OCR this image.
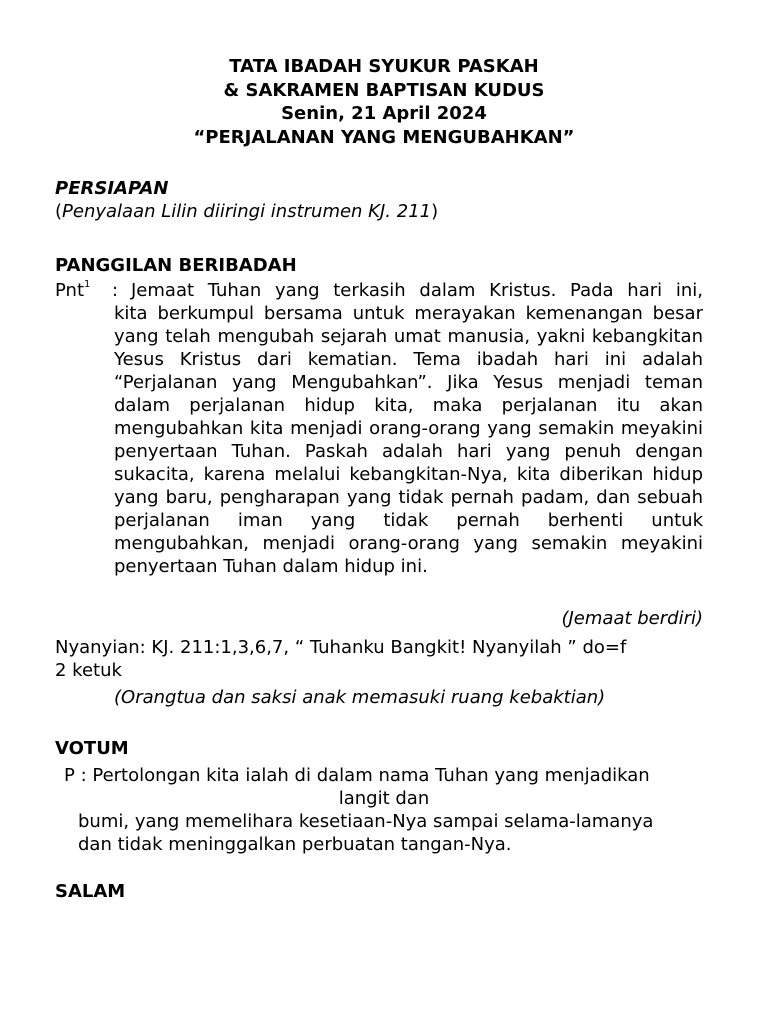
TATA IBADAH SYUKUR PASKAH
& SAKRAMEN BAPTISAN KUDUS
Senin, 21 April 2024
“PERJALANAN YANG MENGUBAHKAN”
PERSIAPAN
(Penyalaan Lilin diiringi instrumen KJ. 211)
PANGGILAN BERIBADAH
Pnt$^1$ : Jemaat Tuhan yang terkasih dalam Kristus. Pada hari ini,
kita berkumpul bersama untuk merayakan kemenangan besar yang telah mengubah sejarah umat manusia, yakni kebangkitan Yesus Kristus dari kematian. Tema ibadah hari ini adalah “Perjalanan yang Mengubahkan”. Jika Yesus menjadi teman dalam perjalanan hidup kita, maka perjalanan itu akan mengubahkan kita menjadi orang-orang yang semakin meyakini penyertaan Tuhan. Paskah adalah hari yang penuh dengan sukacita, karena melalui kebangkitan-Nya, kita diberikan hidup yang baru, pengharapan yang tidak pernah padam, dan sebuah perjalanan iman yang tidak pernah berhenti untuk mengubahkan, menjadi orang-orang yang semakin meyakini penyertaan Tuhan dalam hidup ini.
(Jemaat berdiri)
Nyanyian: KJ. 211:1,3,6,7, “ Tuhanku Bangkit! Nyanyilah ” do=f
2 ketuk
(Orangtua dan saksi anak memasuki ruang kebaktian)
VOTUM
P : Pertolongan kita ialah di dalam nama Tuhan yang menjadikan
langit dan
bumi, yang memelihara kesetiaan-Nya sampai selama-lamanya
dan tidak meninggalkan perbuatan tangan-Nya.
SALAM
